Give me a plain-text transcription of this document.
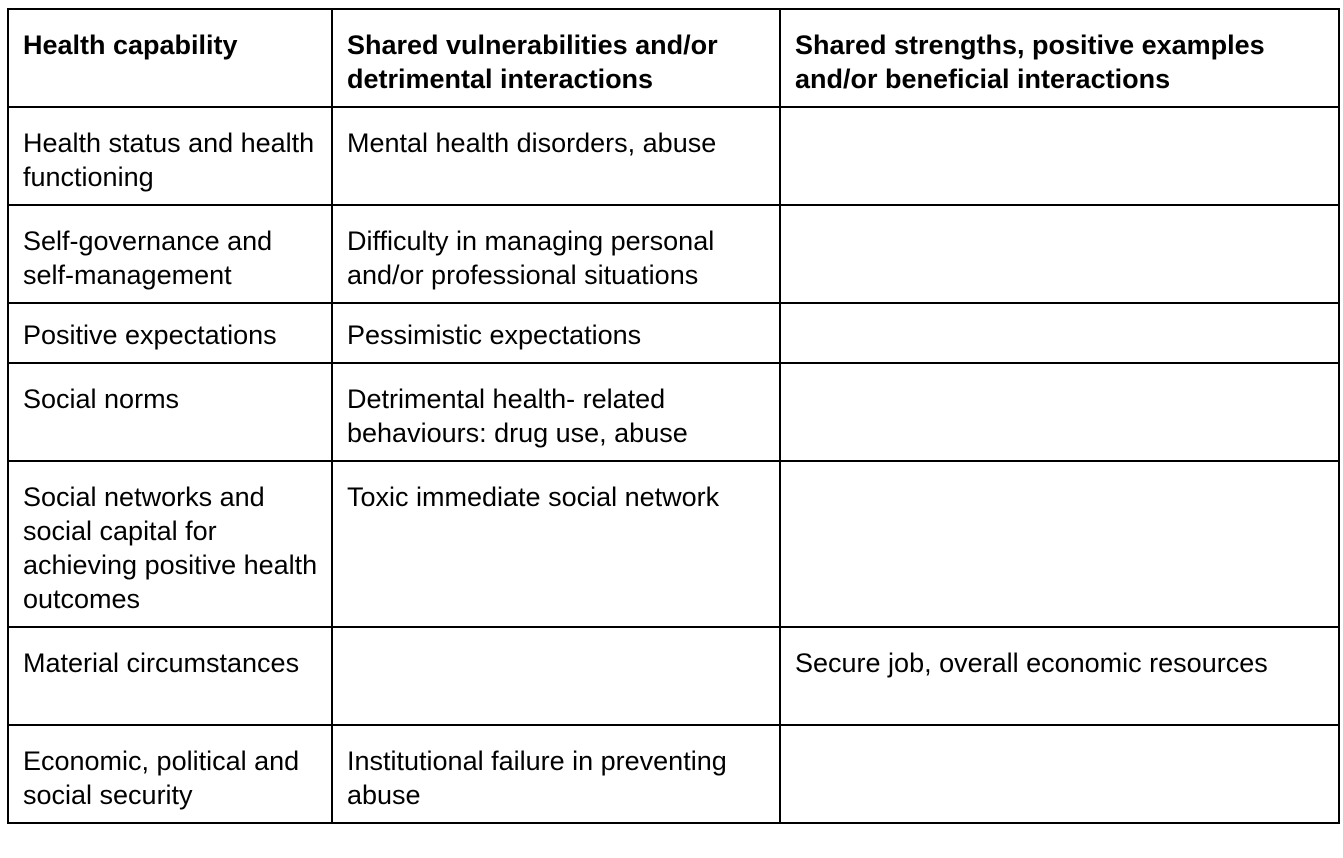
Health capability	Shared vulnerabilities and/or detrimental interactions	Shared strengths, positive examples and/or beneficial interactions
Health status and health functioning	Mental health disorders, abuse	
Self-governance and self-management	Difficulty in managing personal and/or professional situations	
Positive expectations	Pessimistic expectations	
Social norms	Detrimental health- related behaviours: drug use, abuse	
Social networks and social capital for achieving positive health outcomes	Toxic immediate social network	
Material circumstances		Secure job, overall economic resources
Economic, political and social security	Institutional failure in preventing abuse	
